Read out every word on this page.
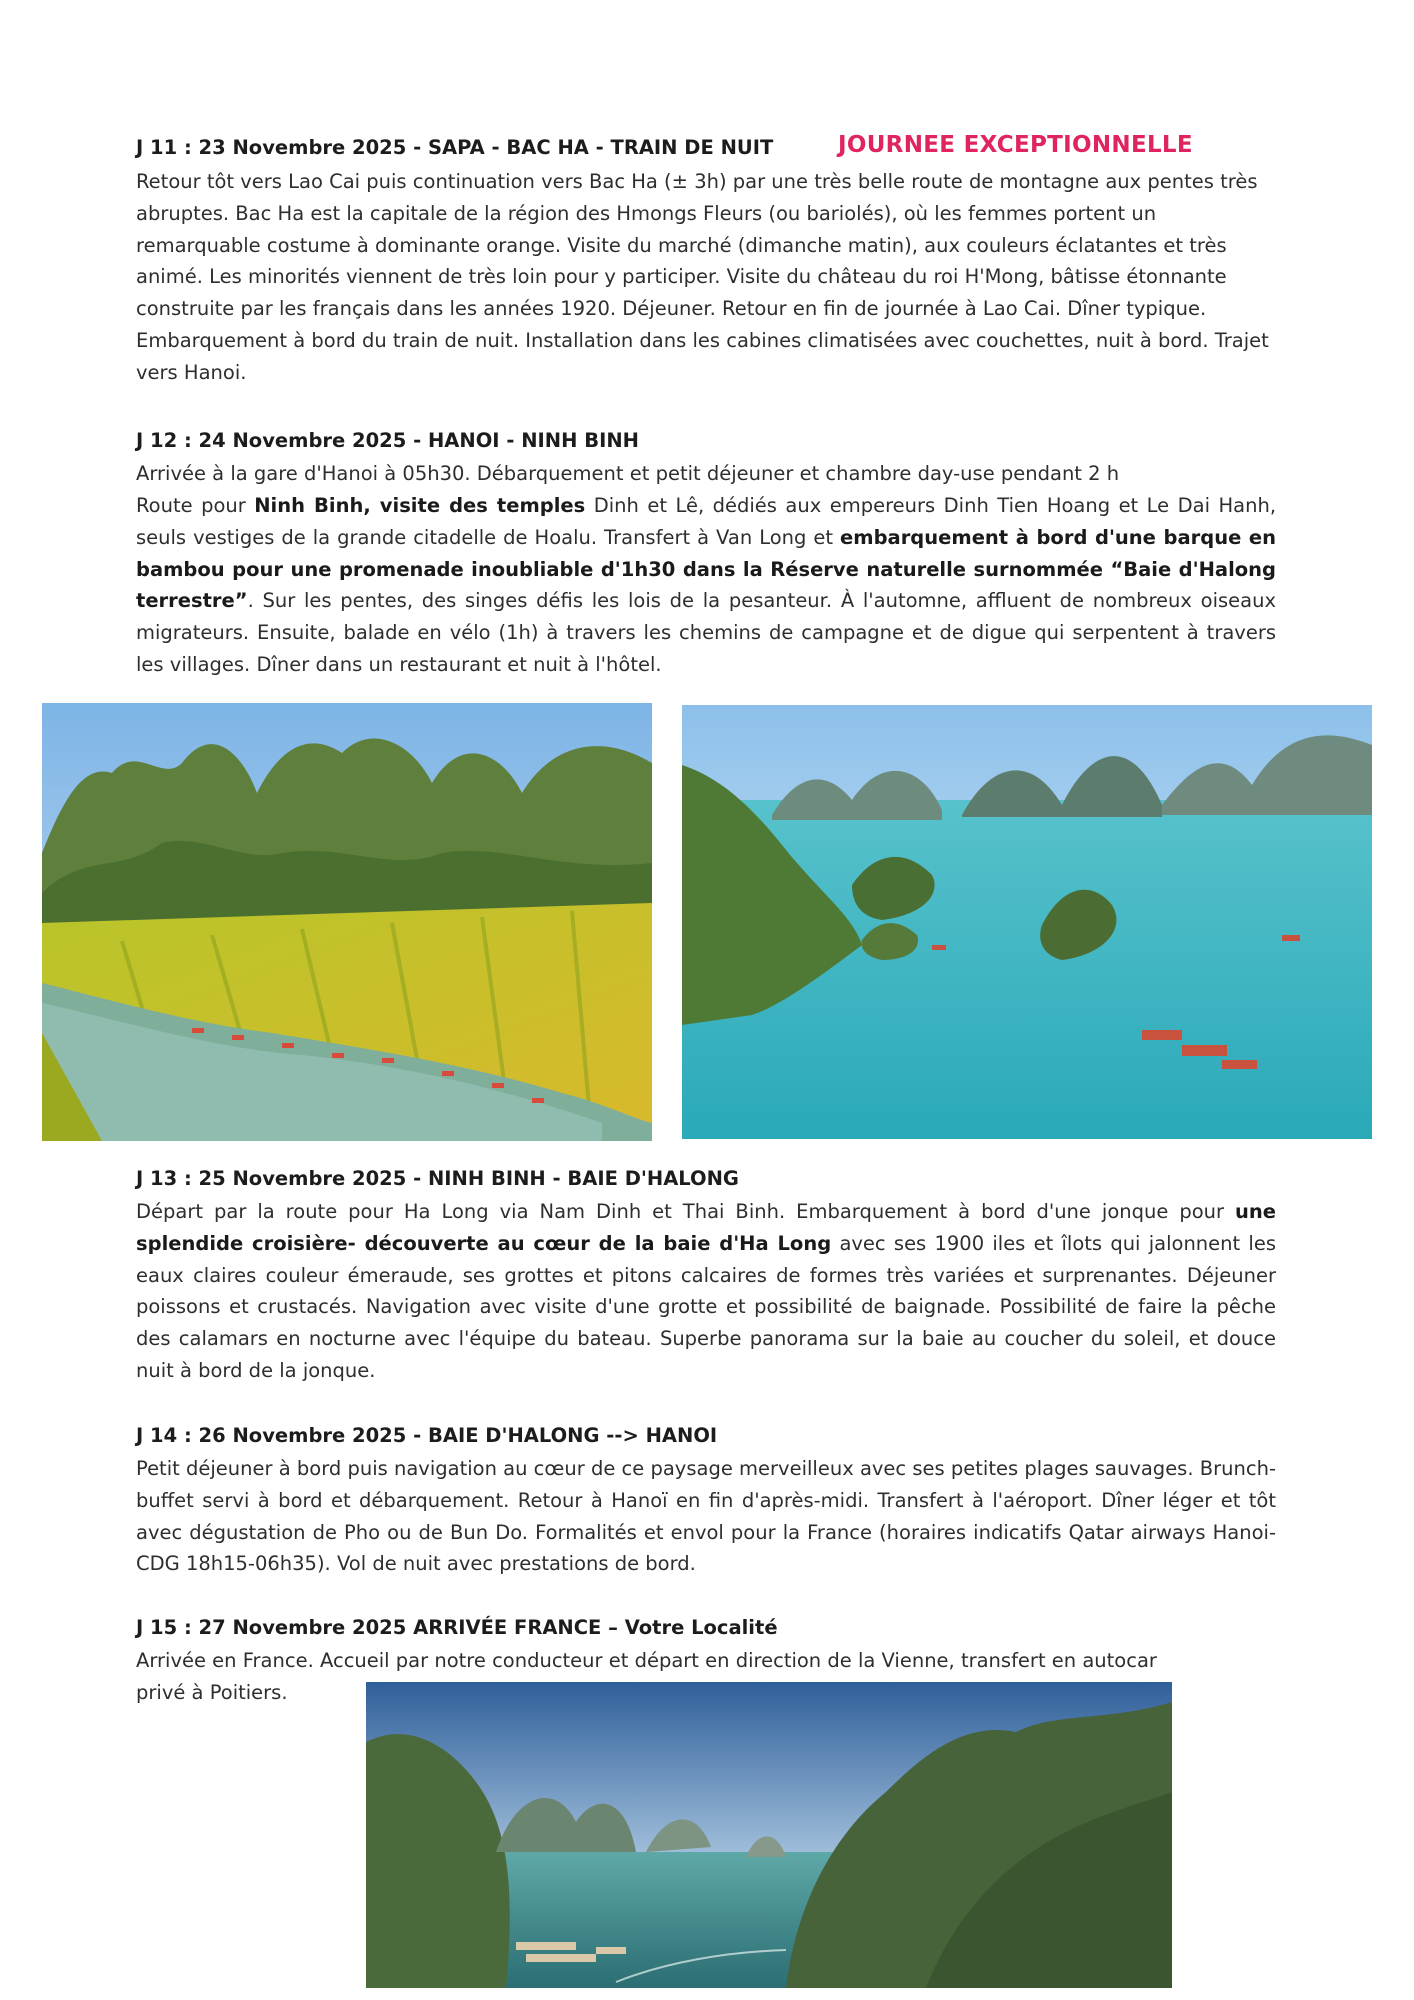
J 11 : 23 Novembre 2025 - SAPA - BAC HA - TRAIN DE NUIT	JOURNEE EXCEPTIONNELLE
Retour tôt vers Lao Cai puis continuation vers Bac Ha (± 3h) par une très belle route de montagne aux pentes très abruptes. Bac Ha est la capitale de la région des Hmongs Fleurs (ou bariolés), où les femmes portent un remarquable costume à dominante orange. Visite du marché (dimanche matin), aux couleurs éclatantes et très animé. Les minorités viennent de très loin pour y participer. Visite du château du roi H'Mong, bâtisse étonnante construite par les français dans les années 1920. Déjeuner. Retour en fin de journée à Lao Cai. Dîner typique. Embarquement à bord du train de nuit. Installation dans les cabines climatisées avec couchettes, nuit à bord. Trajet vers Hanoi.
J 12 : 24 Novembre 2025 - HANOI - NINH BINH
Arrivée à la gare d'Hanoi à 05h30. Débarquement et petit déjeuner et chambre day-use pendant 2 h
Route pour Ninh Binh, visite des temples Dinh et Lê, dédiés aux empereurs Dinh Tien Hoang et Le Dai Hanh, seuls vestiges de la grande citadelle de Hoalu. Transfert à Van Long et embarquement à bord d'une barque en bambou pour une promenade inoubliable d'1h30 dans la Réserve naturelle surnommée “Baie d'Halong terrestre”. Sur les pentes, des singes défis les lois de la pesanteur. À l'automne, affluent de nombreux oiseaux migrateurs. Ensuite, balade en vélo (1h) à travers les chemins de campagne et de digue qui serpentent à travers les villages. Dîner dans un restaurant et nuit à l'hôtel.
J 13 : 25 Novembre 2025 - NINH BINH - BAIE D'HALONG
Départ par la route pour Ha Long via Nam Dinh et Thai Binh. Embarquement à bord d'une jonque pour une splendide croisière- découverte au cœur de la baie d'Ha Long avec ses 1900 iles et îlots qui jalonnent les eaux claires couleur émeraude, ses grottes et pitons calcaires de formes très variées et surprenantes. Déjeuner poissons et crustacés. Navigation avec visite d'une grotte et possibilité de baignade. Possibilité de faire la pêche des calamars en nocturne avec l'équipe du bateau. Superbe panorama sur la baie au coucher du soleil, et douce nuit à bord de la jonque.
J 14 : 26 Novembre 2025 - BAIE D'HALONG --> HANOI
Petit déjeuner à bord puis navigation au cœur de ce paysage merveilleux avec ses petites plages sauvages. Brunch-buffet servi à bord et débarquement. Retour à Hanoï en fin d'après-midi. Transfert à l'aéroport. Dîner léger et tôt avec dégustation de Pho ou de Bun Do. Formalités et envol pour la France (horaires indicatifs Qatar airways Hanoi-CDG 18h15-06h35). Vol de nuit avec prestations de bord.
J 15 : 27 Novembre 2025 ARRIVÉE FRANCE – Votre Localité
Arrivée en France. Accueil par notre conducteur et départ en direction de la Vienne, transfert en autocar
privé à Poitiers.
